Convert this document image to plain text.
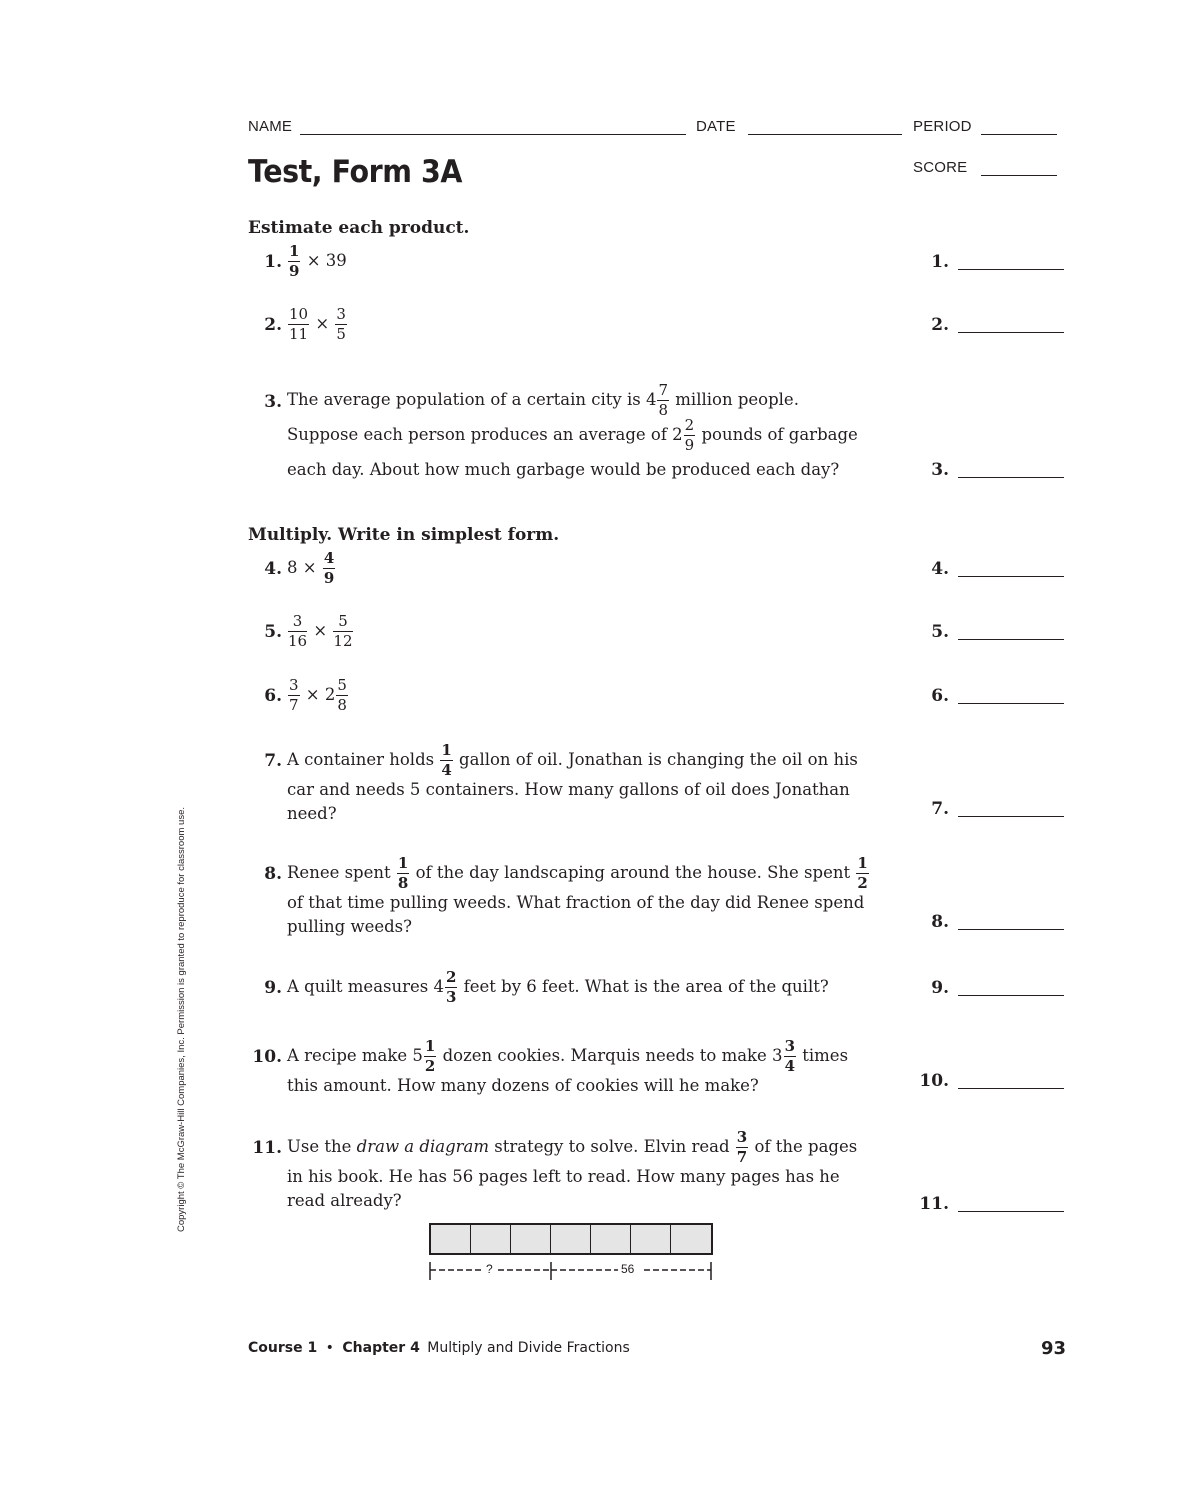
NAME	DATE	PERIOD
Test, Form 3A	SCORE
Estimate each product.
1. $\frac{1}{9} \times 39$
2. $\frac{10}{11} \times \frac{3}{5}$
3. The average population of a certain city is $4 \frac{7}{8}$ million people.
Suppose each person produces an average of $2 \frac{2}{9}$ pounds of garbage
each day. About how much garbage would be produced each day?
Multiply. Write in simplest form.
4. $8 \times \frac{4}{9}$
5. $\frac{3}{16} \times \frac{5}{12}$
6. $\frac{3}{7} \times 2 \frac{5}{8}$
7. A container holds $\frac{1}{4}$ gallon of oil. Jonathan is changing the oil on his
car and needs 5 containers. How many gallons of oil does Jonathan
need?
8. Renee spent $\frac{1}{8}$ of the day landscaping around the house. She spent $\frac{1}{2}$
of that time pulling weeds. What fraction of the day did Renee spend
pulling weeds?
9. A quilt measures $4 \frac{2}{3}$ feet by 6 feet. What is the area of the quilt?
10. A recipe make $5 \frac{1}{2}$ dozen cookies. Marquis needs to make $3 \frac{3}{4}$ times
this amount. How many dozens of cookies will he make?
11. Use the draw a diagram strategy to solve. Elvin read $\frac{3}{7}$ of the pages
in his book. He has 56 pages left to read. How many pages has he
read already?
1.
2.
3.
4.
5.
6.
7.
8.
9.
10.
11.
?	56
Copyright © The McGraw-Hill Companies, Inc. Permission is granted to reproduce for classroom use.
Course 1 • Chapter 4 Multiply and Divide Fractions	93
